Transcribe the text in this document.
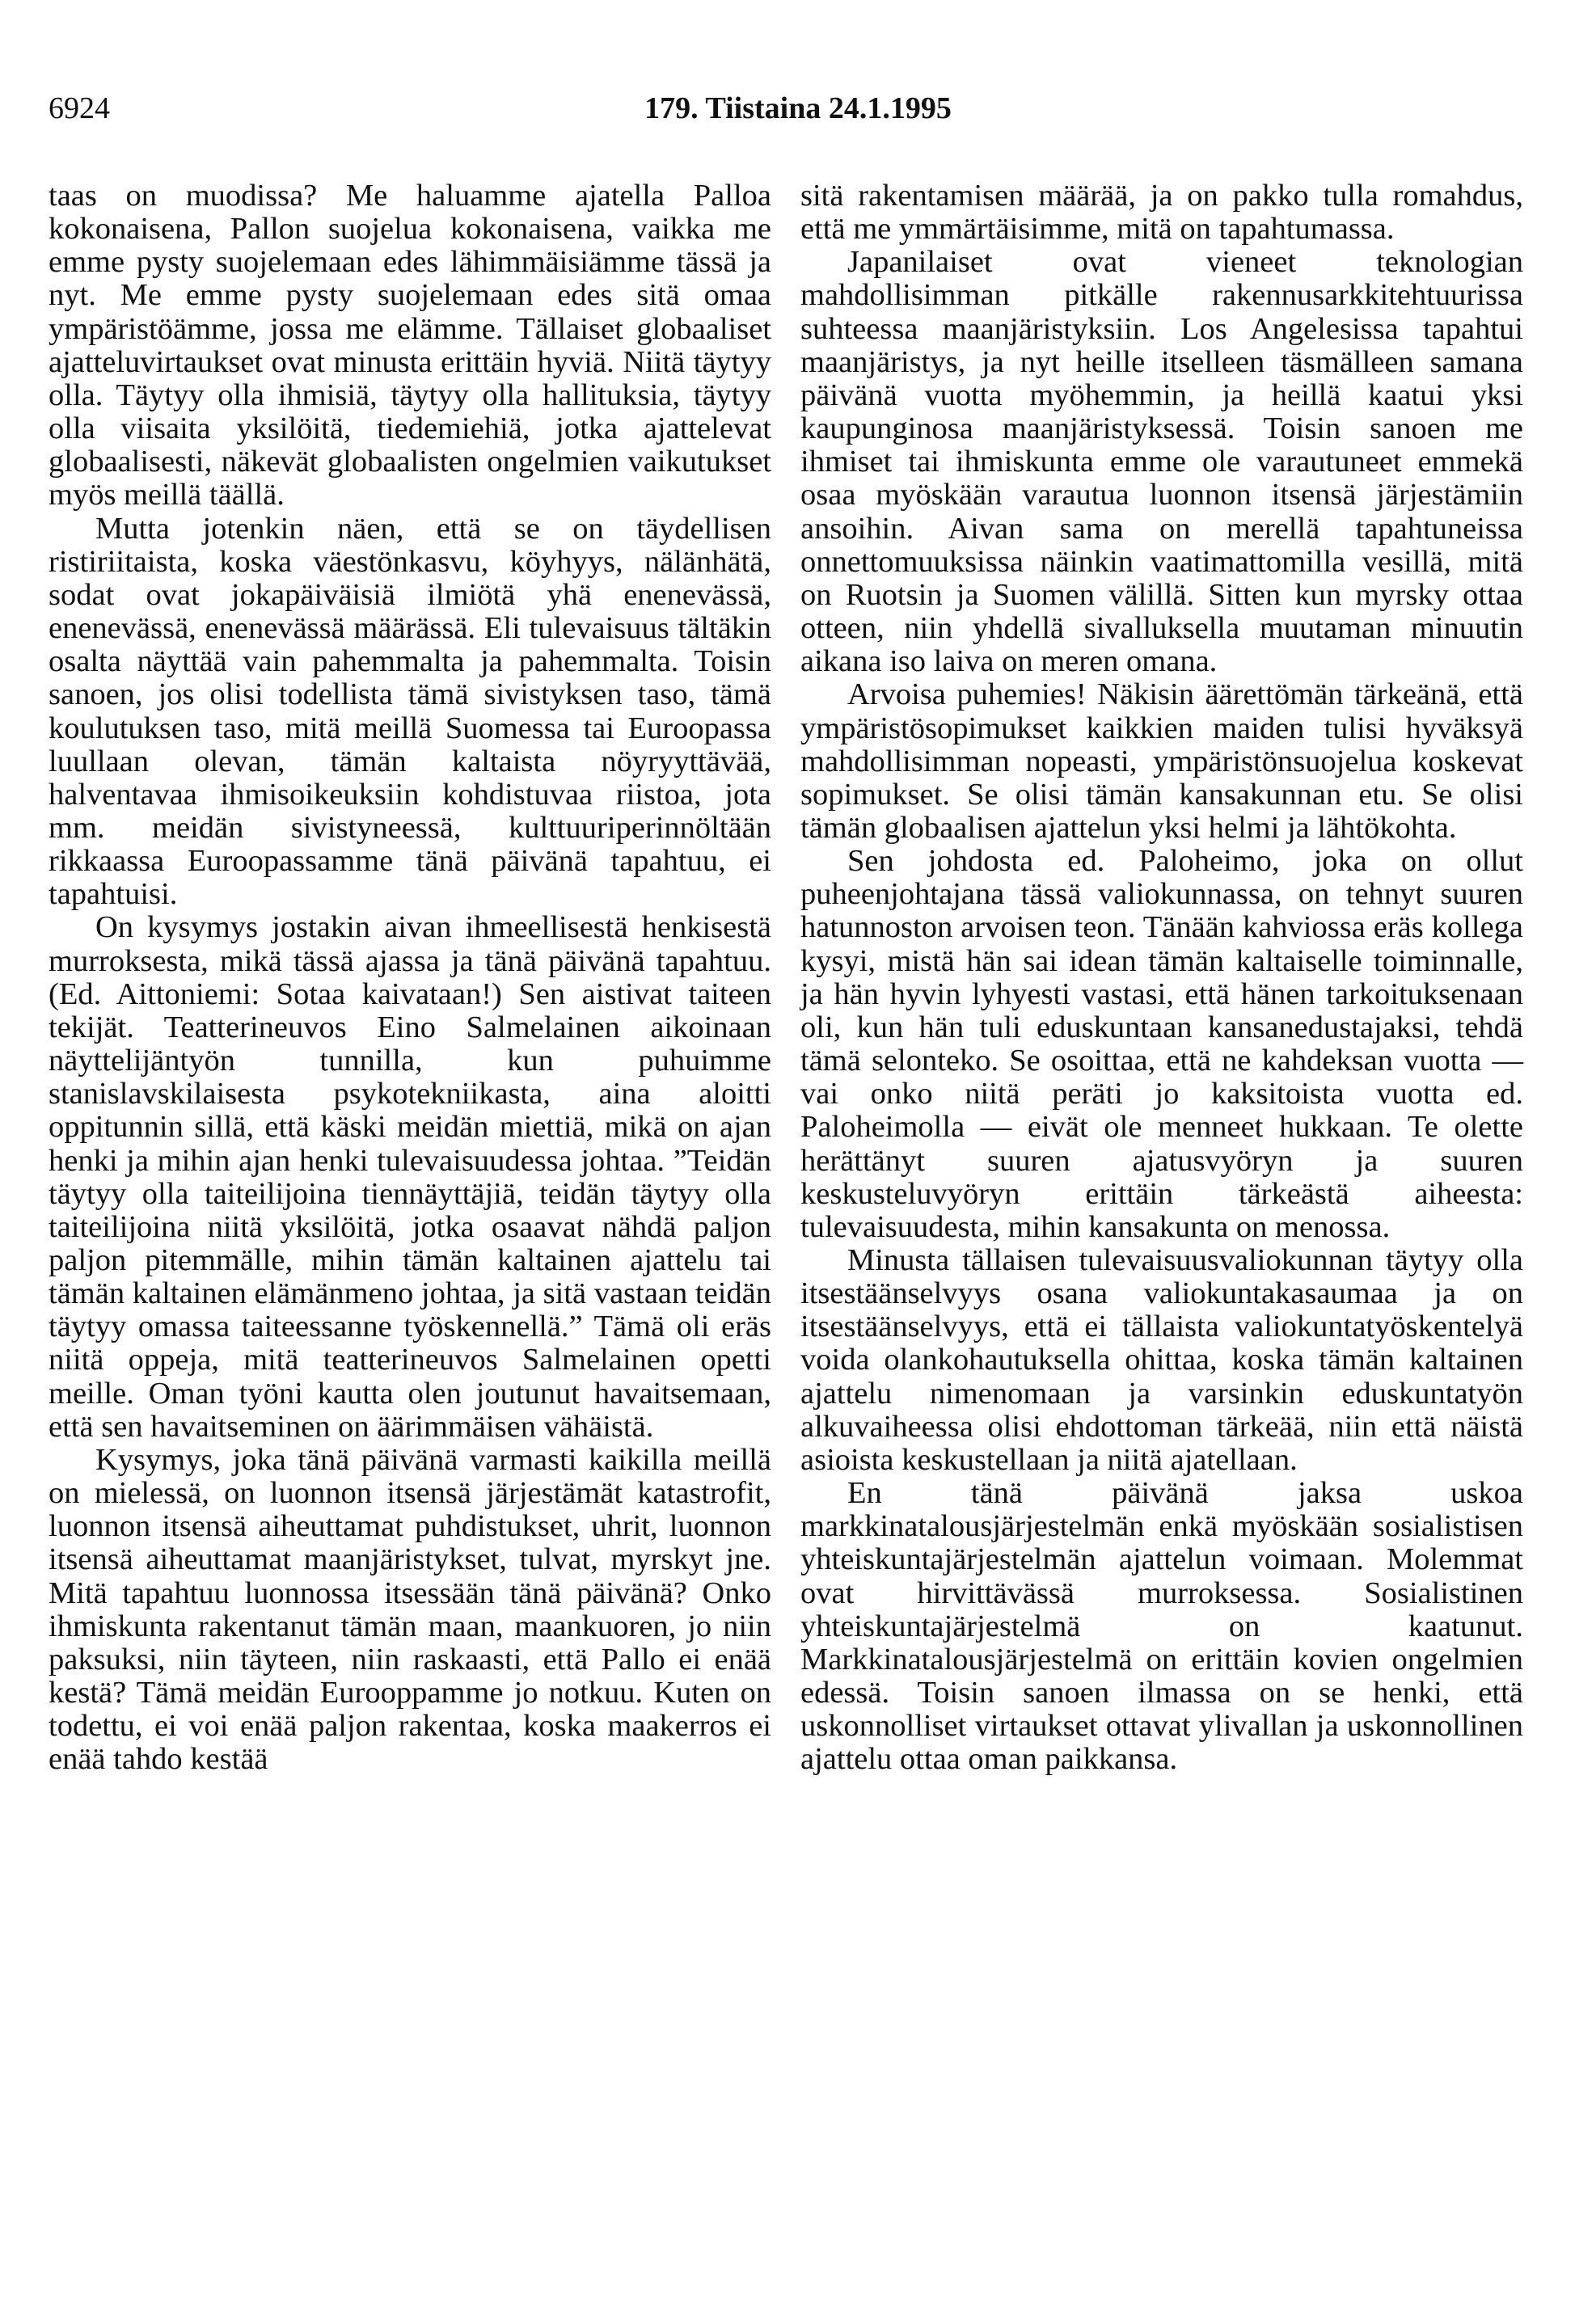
6924	179. Tiistaina 24.1.1995

taas on muodissa? Me haluamme ajatella Palloa kokonaisena, Pallon suojelua kokonaisena, vaikka me emme pysty suojelemaan edes lähimmäisiämme tässä ja nyt. Me emme pysty suojelemaan edes sitä omaa ympäristöämme, jossa me elämme. Tällaiset globaaliset ajatteluvirtaukset ovat minusta erittäin hyviä. Niitä täytyy olla. Täytyy olla ihmisiä, täytyy olla hallituksia, täytyy olla viisaita yksilöitä, tiedemiehiä, jotka ajattelevat globaalisesti, näkevät globaalisten ongelmien vaikutukset myös meillä täällä.

Mutta jotenkin näen, että se on täydellisen ristiriitaista, koska väestönkasvu, köyhyys, nälänhätä, sodat ovat jokapäiväisiä ilmiötä yhä enenevässä, enenevässä, enenevässä määrässä. Eli tulevaisuus tältäkin osalta näyttää vain pahemmalta ja pahemmalta. Toisin sanoen, jos olisi todellista tämä sivistyksen taso, tämä koulutuksen taso, mitä meillä Suomessa tai Euroopassa luullaan olevan, tämän kaltaista nöyryyttävää, halventavaa ihmisoikeuksiin kohdistuvaa riistoa, jota mm. meidän sivistyneessä, kulttuuriperinnöltään rikkaassa Euroopassamme tänä päivänä tapahtuu, ei tapahtuisi.

On kysymys jostakin aivan ihmeellisestä henkisestä murroksesta, mikä tässä ajassa ja tänä päivänä tapahtuu. (Ed. Aittoniemi: Sotaa kaivataan!) Sen aistivat taiteen tekijät. Teatterineuvos Eino Salmelainen aikoinaan näyttelijäntyön tunnilla, kun puhuimme stanislavskilaisesta psykotekniikasta, aina aloitti oppitunnin sillä, että käski meidän miettiä, mikä on ajan henki ja mihin ajan henki tulevaisuudessa johtaa. ”Teidän täytyy olla taiteilijoina tiennäyttäjiä, teidän täytyy olla taiteilijoina niitä yksilöitä, jotka osaavat nähdä paljon paljon pitemmälle, mihin tämän kaltainen ajattelu tai tämän kaltainen elämänmeno johtaa, ja sitä vastaan teidän täytyy omassa taiteessanne työskennellä.” Tämä oli eräs niitä oppeja, mitä teatterineuvos Salmelainen opetti meille. Oman työni kautta olen joutunut havaitsemaan, että sen havaitseminen on äärimmäisen vähäistä.

Kysymys, joka tänä päivänä varmasti kaikilla meillä on mielessä, on luonnon itsensä järjestämät katastrofit, luonnon itsensä aiheuttamat puhdistukset, uhrit, luonnon itsensä aiheuttamat maanjäristykset, tulvat, myrskyt jne. Mitä tapahtuu luonnossa itsessään tänä päivänä? Onko ihmiskunta rakentanut tämän maan, maankuoren, jo niin paksuksi, niin täyteen, niin raskaasti, että Pallo ei enää kestä? Tämä meidän Eurooppamme jo notkuu. Kuten on todettu, ei voi enää paljon rakentaa, koska maakerros ei enää tahdo kestää

sitä rakentamisen määrää, ja on pakko tulla romahdus, että me ymmärtäisimme, mitä on tapahtumassa.

Japanilaiset ovat vieneet teknologian mahdollisimman pitkälle rakennusarkkitehtuurissa suhteessa maanjäristyksiin. Los Angelesissa tapahtui maanjäristys, ja nyt heille itselleen täsmälleen samana päivänä vuotta myöhemmin, ja heillä kaatui yksi kaupunginosa maanjäristyksessä. Toisin sanoen me ihmiset tai ihmiskunta emme ole varautuneet emmekä osaa myöskään varautua luonnon itsensä järjestämiin ansoihin. Aivan sama on merellä tapahtuneissa onnettomuuksissa näinkin vaatimattomilla vesillä, mitä on Ruotsin ja Suomen välillä. Sitten kun myrsky ottaa otteen, niin yhdellä sivalluksella muutaman minuutin aikana iso laiva on meren omana.

Arvoisa puhemies! Näkisin äärettömän tärkeänä, että ympäristösopimukset kaikkien maiden tulisi hyväksyä mahdollisimman nopeasti, ympäristönsuojelua koskevat sopimukset. Se olisi tämän kansakunnan etu. Se olisi tämän globaalisen ajattelun yksi helmi ja lähtökohta.

Sen johdosta ed. Paloheimo, joka on ollut puheenjohtajana tässä valiokunnassa, on tehnyt suuren hatunnoston arvoisen teon. Tänään kahviossa eräs kollega kysyi, mistä hän sai idean tämän kaltaiselle toiminnalle, ja hän hyvin lyhyesti vastasi, että hänen tarkoituksenaan oli, kun hän tuli eduskuntaan kansanedustajaksi, tehdä tämä selonteko. Se osoittaa, että ne kahdeksan vuotta — vai onko niitä peräti jo kaksitoista vuotta ed. Paloheimolla — eivät ole menneet hukkaan. Te olette herättänyt suuren ajatusvyöryn ja suuren keskusteluvyöryn erittäin tärkeästä aiheesta: tulevaisuudesta, mihin kansakunta on menossa.

Minusta tällaisen tulevaisuusvaliokunnan täytyy olla itsestäänselvyys osana valiokuntakasaumaa ja on itsestäänselvyys, että ei tällaista valiokuntatyöskentelyä voida olankohautuksella ohittaa, koska tämän kaltainen ajattelu nimenomaan ja varsinkin eduskuntatyön alkuvaiheessa olisi ehdottoman tärkeää, niin että näistä asioista keskustellaan ja niitä ajatellaan.

En tänä päivänä jaksa uskoa markkinatalousjärjestelmän enkä myöskään sosialistisen yhteiskuntajärjestelmän ajattelun voimaan. Molemmat ovat hirvittävässä murroksessa. Sosialistinen yhteiskuntajärjestelmä on kaatunut. Markkinatalousjärjestelmä on erittäin kovien ongelmien edessä. Toisin sanoen ilmassa on se henki, että uskonnolliset virtaukset ottavat ylivallan ja uskonnollinen ajattelu ottaa oman paikkansa.
